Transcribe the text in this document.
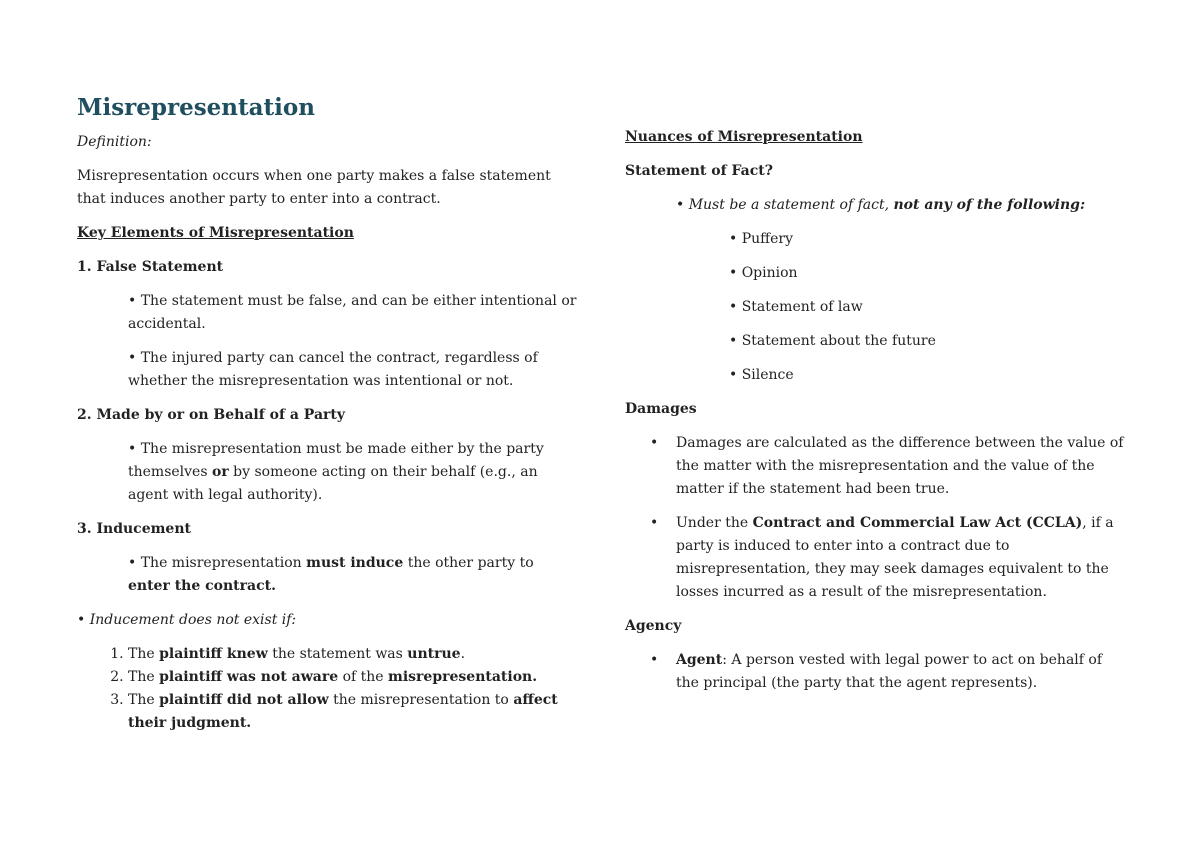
Misrepresentation

Definition:

Misrepresentation occurs when one party makes a false statement that induces another party to enter into a contract.

Key Elements of Misrepresentation

1. False Statement

• The statement must be false, and can be either intentional or accidental.

• The injured party can cancel the contract, regardless of whether the misrepresentation was intentional or not.

2. Made by or on Behalf of a Party

• The misrepresentation must be made either by the party themselves or by someone acting on their behalf (e.g., an agent with legal authority).

3. Inducement

• The misrepresentation must induce the other party to enter the contract.

• Inducement does not exist if:

1. The plaintiff knew the statement was untrue.
2. The plaintiff was not aware of the misrepresentation.
3. The plaintiff did not allow the misrepresentation to affect their judgment.

Nuances of Misrepresentation

Statement of Fact?

• Must be a statement of fact, not any of the following:

• Puffery

• Opinion

• Statement of law

• Statement about the future

• Silence

Damages

• Damages are calculated as the difference between the value of the matter with the misrepresentation and the value of the matter if the statement had been true.
• Under the Contract and Commercial Law Act (CCLA), if a party is induced to enter into a contract due to misrepresentation, they may seek damages equivalent to the losses incurred as a result of the misrepresentation.

Agency

• Agent: A person vested with legal power to act on behalf of the principal (the party that the agent represents).
